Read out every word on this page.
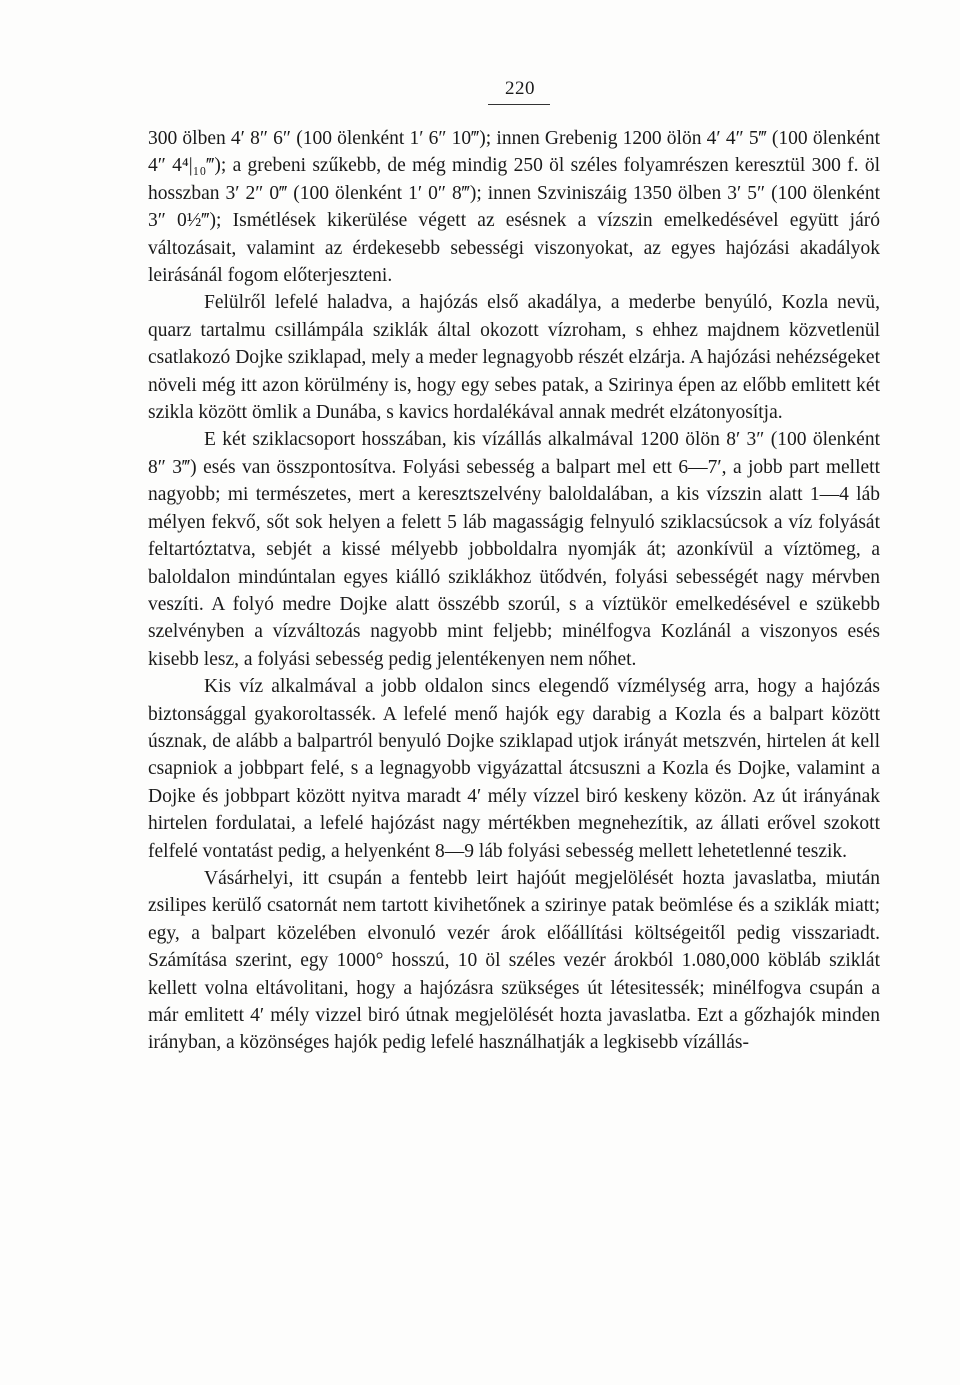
220

300 ölben 4′ 8″ 6″ (100 ölenként 1′ 6″ 10‴); innen Grebenig 1200 ölön 4′ 4″ 5‴ (100 ölenként 4″ 4⁴|₁₀‴); a grebeni szűkebb, de még mindig 250 öl széles folyamrészen keresztül 300 f. öl hosszban 3′ 2″ 0‴ (100 ölenként 1′ 0″ 8‴); innen Szviniszáig 1350 ölben 3′ 5″ (100 ölenként 3″ 0½‴); Ismétlések kikerülése végett az esésnek a vízszin emelkedésével együtt járó változásait, valamint az érdekesebb sebességi viszonyokat, az egyes hajózási akadályok leirásánál fogom előterjeszteni.

Felülről lefelé haladva, a hajózás első akadálya, a mederbe benyúló, Kozla nevü, quarz tartalmu csillámpála sziklák által okozott vízroham, s ehhez majdnem közvetlenül csatlakozó Dojke sziklapad, mely a meder legnagyobb részét elzárja. A hajózási nehézségeket növeli még itt azon körülmény is, hogy egy sebes patak, a Szirinya épen az előbb emlitett két szikla között ömlik a Dunába, s kavics hordalékával annak medrét elzátonyosítja.

E két sziklacsoport hosszában, kis vízállás alkalmával 1200 ölön 8′ 3″ (100 ölenként 8″ 3‴) esés van összpontosítva. Folyási sebesség a balpart mel ett 6—7′, a jobb part mellett nagyobb; mi természetes, mert a keresztszelvény baloldalában, a kis vízszin alatt 1—4 láb mélyen fekvő, sőt sok helyen a felett 5 láb magasságig felnyuló sziklacsúcsok a víz folyását feltartóztatva, sebjét a kissé mélyebb jobboldalra nyomják át; azonkívül a víztömeg, a baloldalon mindúntalan egyes kiálló sziklákhoz ütődvén, folyási sebességét nagy mérvben veszíti. A folyó medre Dojke alatt összébb szorúl, s a víztükör emelkedésével e szükebb szelvényben a vízváltozás nagyobb mint feljebb; minélfogva Kozlánál a viszonyos esés kisebb lesz, a folyási sebesség pedig jelentékenyen nem nőhet.

Kis víz alkalmával a jobb oldalon sincs elegendő vízmélység arra, hogy a hajózás biztonsággal gyakoroltassék. A lefelé menő hajók egy darabig a Kozla és a balpart között úsznak, de alább a balpartról benyuló Dojke sziklapad utjok irányát metszvén, hirtelen át kell csapniok a jobbpart felé, s a legnagyobb vigyázattal átcsuszni a Kozla és Dojke, valamint a Dojke és jobbpart között nyitva maradt 4′ mély vízzel biró keskeny közön. Az út irányának hirtelen fordulatai, a lefelé hajózást nagy mértékben megnehezítik, az állati erővel szokott felfelé vontatást pedig, a helyenként 8—9 láb folyási sebesség mellett lehetetlenné teszik.

Vásárhelyi, itt csupán a fentebb leirt hajóút megjelölését hozta javaslatba, miután zsilipes kerülő csatornát nem tartott kivihetőnek a szirinye patak beömlése és a sziklák miatt; egy, a balpart közelében elvonuló vezér árok előállítási költségeitől pedig visszariadt. Számítása szerint, egy 1000° hosszú, 10 öl széles vezér árokból 1.080,000 köbláb sziklát kellett volna eltávolitani, hogy a hajózásra szükséges út létesitessék; minélfogva csupán a már emlitett 4′ mély vizzel biró útnak megjelölését hozta javaslatba. Ezt a gőzhajók minden irányban, a közönséges hajók pedig lefelé használhatják a legkisebb vízállás-
